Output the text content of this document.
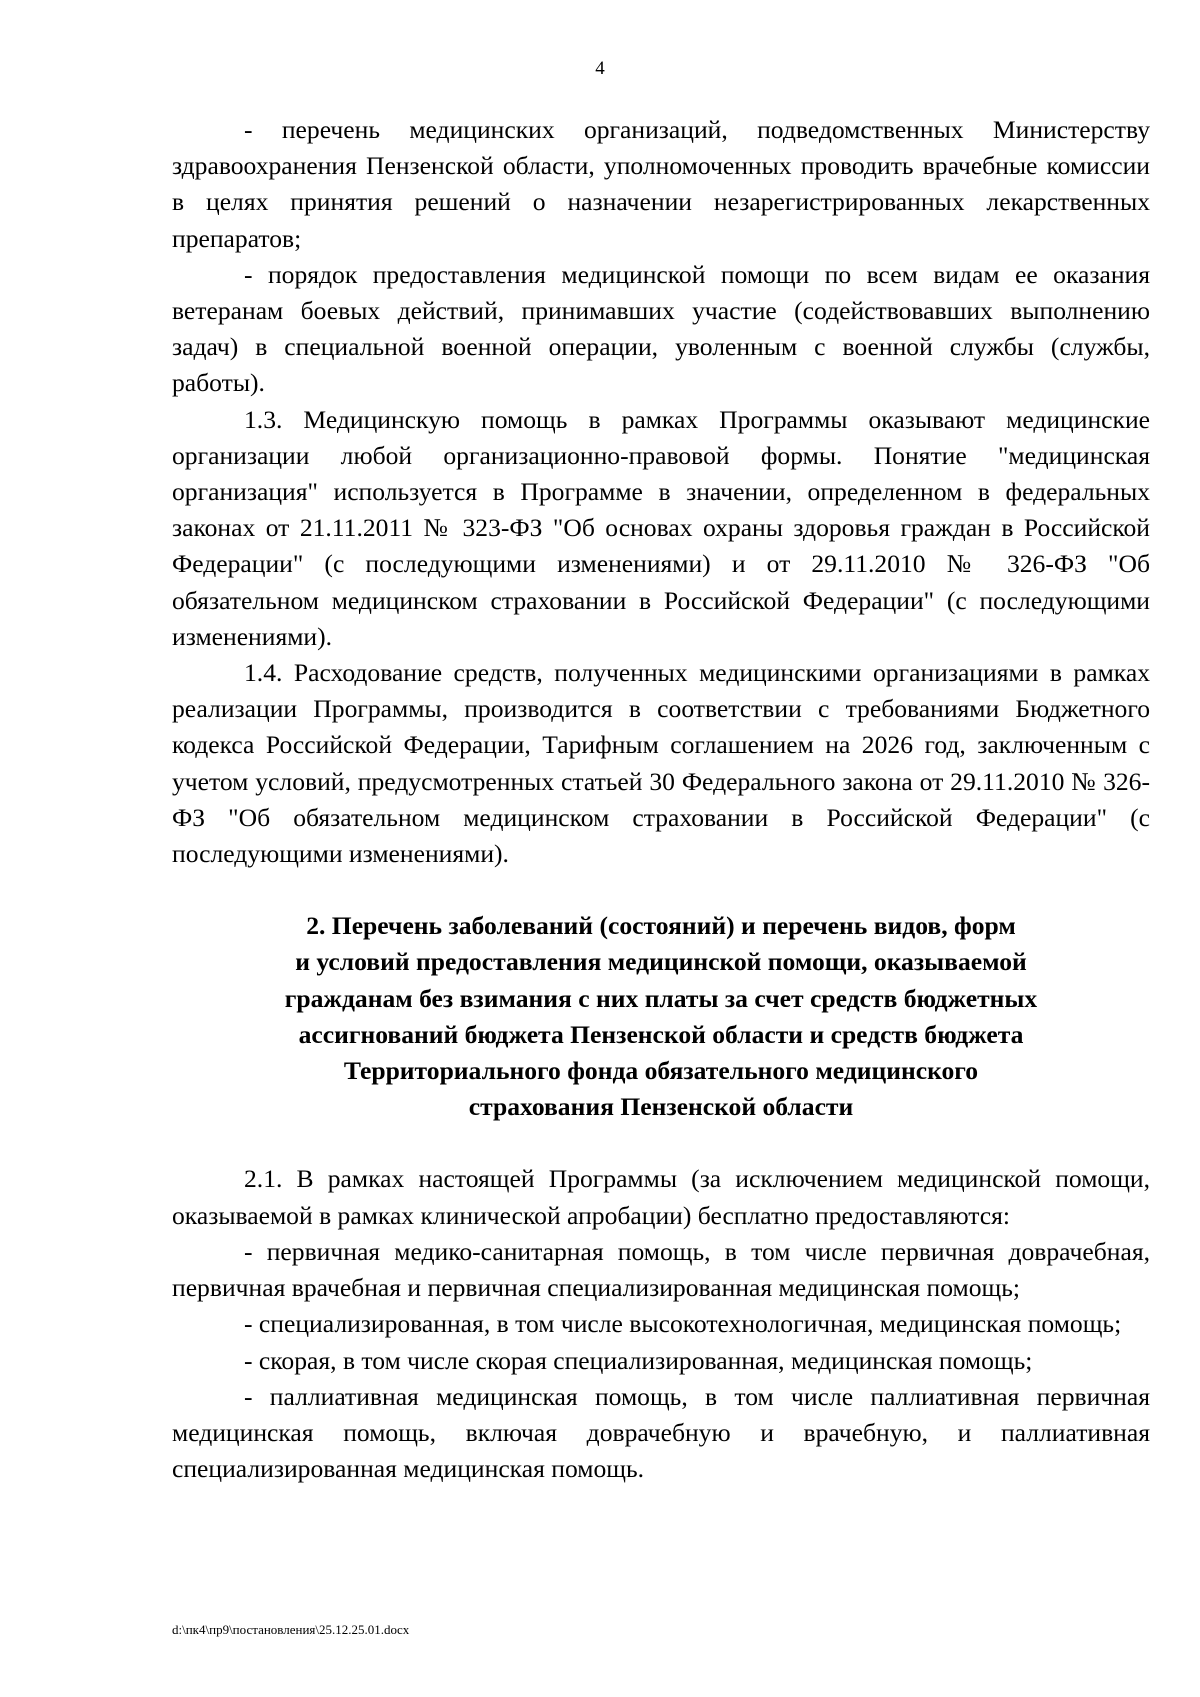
4

- перечень медицинских организаций, подведомственных Министерству здравоохранения Пензенской области, уполномоченных проводить врачебные комиссии в целях принятия решений о назначении незарегистрированных лекарственных препаратов;

- порядок предоставления медицинской помощи по всем видам ее оказания ветеранам боевых действий, принимавших участие (содействовавших выполнению задач) в специальной военной операции, уволенным с военной службы (службы, работы).

1.3. Медицинскую помощь в рамках Программы оказывают медицинские организации любой организационно-правовой формы. Понятие "медицинская организация" используется в Программе в значении, определенном в федеральных законах от 21.11.2011 № 323-ФЗ "Об основах охраны здоровья граждан в Российской Федерации" (с последующими изменениями) и от 29.11.2010 № 326-ФЗ "Об обязательном медицинском страховании в Российской Федерации" (с последующими изменениями).

1.4. Расходование средств, полученных медицинскими организациями в рамках реализации Программы, производится в соответствии с требованиями Бюджетного кодекса Российской Федерации, Тарифным соглашением на 2026 год, заключенным с учетом условий, предусмотренных статьей 30 Федерального закона от 29.11.2010 № 326-ФЗ "Об обязательном медицинском страховании в Российской Федерации" (с последующими изменениями).

2. Перечень заболеваний (состояний) и перечень видов, форм
и условий предоставления медицинской помощи, оказываемой
гражданам без взимания с них платы за счет средств бюджетных
ассигнований бюджета Пензенской области и средств бюджета
Территориального фонда обязательного медицинского
страхования Пензенской области

2.1. В рамках настоящей Программы (за исключением медицинской помощи, оказываемой в рамках клинической апробации) бесплатно предоставляются:

- первичная медико-санитарная помощь, в том числе первичная доврачебная, первичная врачебная и первичная специализированная медицинская помощь;

- специализированная, в том числе высокотехнологичная, медицинская помощь;

- скорая, в том числе скорая специализированная, медицинская помощь;

- паллиативная медицинская помощь, в том числе паллиативная первичная медицинская помощь, включая доврачебную и врачебную, и паллиативная специализированная медицинская помощь.

d:\пк4\пр9\постановления\25.12.25.01.docx
